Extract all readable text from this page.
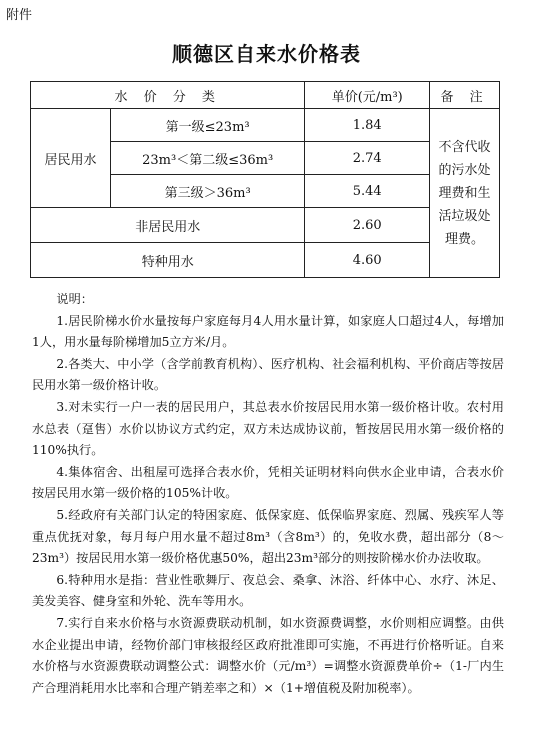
附件
顺德区自来水价格表
水 价 分 类		单价(元/m³)	备 注
居民用水	第一级≤23m³	1.84	不含代收的污水处理费和生活垃圾处理费。

	23m³＜第二级≤36m³	2.74	
	第三级＞36m³	5.44	
非居民用水		2.60	
特种用水		4.60	

说明：

1.居民阶梯水价水量按每户家庭每月4人用水量计算，如家庭人口超过4人，每增加1人，用水量每阶梯增加5立方米/月。

2.各类大、中小学（含学前教育机构）、医疗机构、社会福利机构、平价商店等按居民用水第一级价格计收。

3.对未实行一户一表的居民用户，其总表水价按居民用水第一级价格计收。农村用水总表（趸售）水价以协议方式约定，双方未达成协议前，暂按居民用水第一级价格的110%执行。

4.集体宿舍、出租屋可选择合表水价，凭相关证明材料向供水企业申请，合表水价按居民用水第一级价格的105%计收。

5.经政府有关部门认定的特困家庭、低保家庭、低保临界家庭、烈属、残疾军人等重点优抚对象，每月每户用水量不超过8m³（含8m³）的，免收水费，超出部分（8～23m³）按居民用水第一级价格优惠50%，超出23m³部分的则按阶梯水价办法收取。

6.特种用水是指：营业性歌舞厅、夜总会、桑拿、沐浴、纤体中心、水疗、沐足、美发美容、健身室和外轮、洗车等用水。

7.实行自来水价格与水资源费联动机制，如水资源费调整，水价则相应调整。由供水企业提出申请，经物价部门审核报经区政府批准即可实施，不再进行价格听证。自来水价格与水资源费联动调整公式：调整水价（元/m³）=调整水资源费单价÷（1-厂内生产合理消耗用水比率和合理产销差率之和）×（1+增值税及附加税率）。
